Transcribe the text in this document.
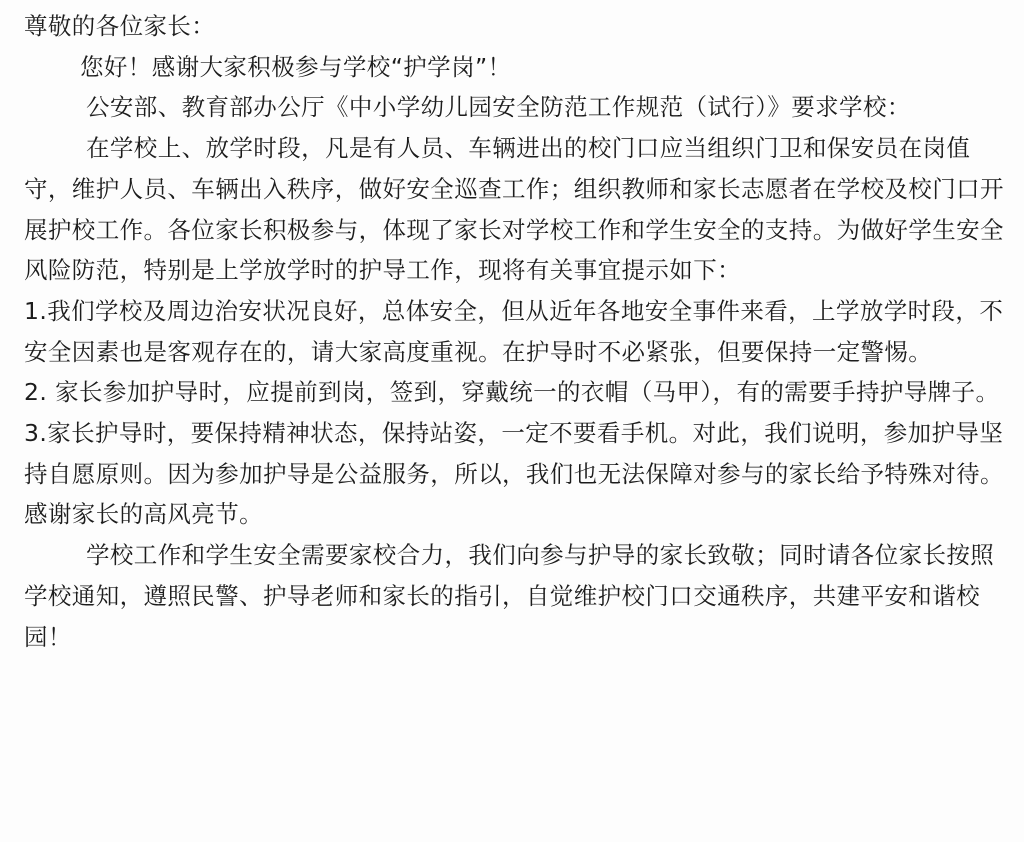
尊敬的各位家长：

您好！感谢大家积极参与学校“护学岗”！

公安部、教育部办公厅《中小学幼儿园安全防范工作规范（试行）》要求学校：

在学校上、放学时段，凡是有人员、车辆进出的校门口应当组织门卫和保安员在岗值守，维护人员、车辆出入秩序，做好安全巡查工作；组织教师和家长志愿者在学校及校门口开展护校工作。各位家长积极参与，体现了家长对学校工作和学生安全的支持。为做好学生安全风险防范，特别是上学放学时的护导工作，现将有关事宜提示如下：

1.我们学校及周边治安状况良好，总体安全，但从近年各地安全事件来看，上学放学时段，不安全因素也是客观存在的，请大家高度重视。在护导时不必紧张，但要保持一定警惕。

2. 家长参加护导时，应提前到岗，签到，穿戴统一的衣帽（马甲），有的需要手持护导牌子。

3.家长护导时，要保持精神状态，保持站姿，一定不要看手机。对此，我们说明，参加护导坚持自愿原则。因为参加护导是公益服务，所以，我们也无法保障对参与的家长给予特殊对待。感谢家长的高风亮节。

学校工作和学生安全需要家校合力，我们向参与护导的家长致敬；同时请各位家长按照学校通知，遵照民警、护导老师和家长的指引，自觉维护校门口交通秩序，共建平安和谐校园！
